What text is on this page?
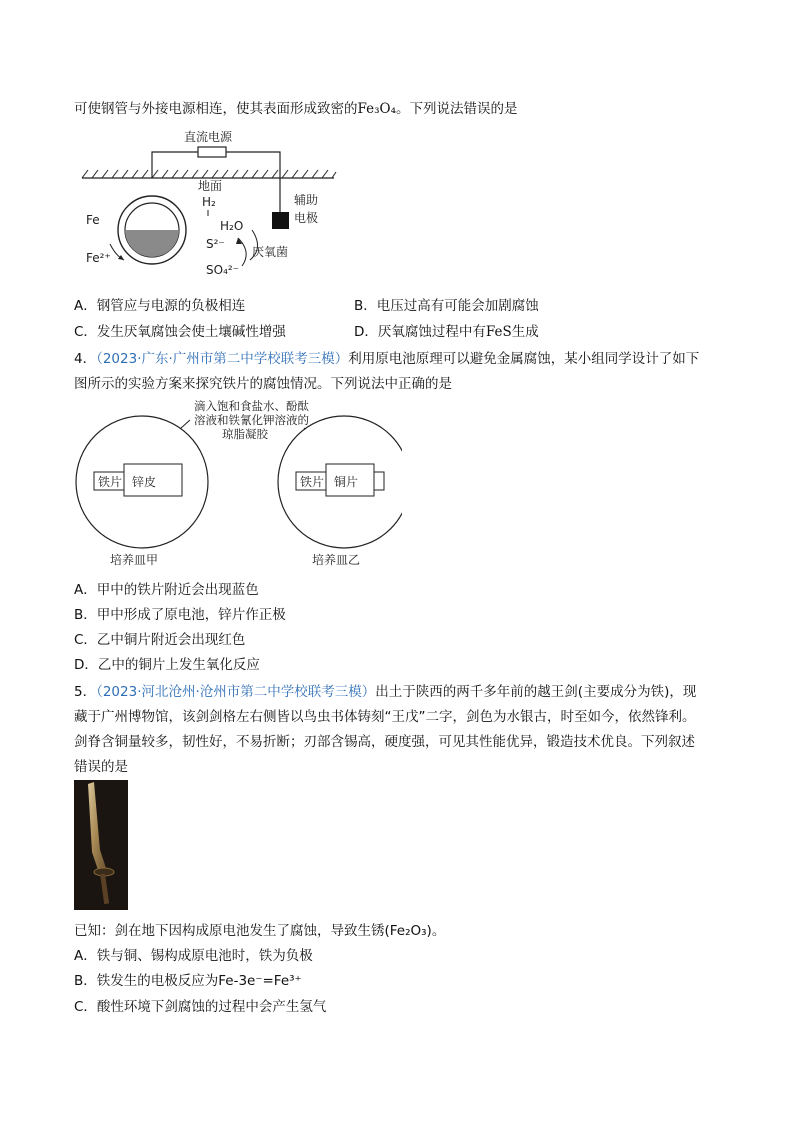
可使钢管与外接电源相连，使其表面形成致密的Fe₃O₄。下列说法错误的是
直流电源
地面
Fe
Fe²⁺
辅助
电极
H₂
H₂O
S²⁻
SO₄²⁻
厌氧菌
A．钢管应与电源的负极相连	B．电压过高有可能会加剧腐蚀
C．发生厌氧腐蚀会使土壤碱性增强	D．厌氧腐蚀过程中有FeS生成
4．（2023·广东·广州市第二中学校联考三模）利用原电池原理可以避免金属腐蚀，某小组同学设计了如下
图所示的实验方案来探究铁片的腐蚀情况。下列说法中正确的是
滴入饱和食盐水、酚酞
溶液和铁氰化钾溶液的
琼脂凝胶
铁片 锌皮
培养皿甲
铁片 铜片
培养皿乙
A．甲中的铁片附近会出现蓝色
B．甲中形成了原电池，锌片作正极
C．乙中铜片附近会出现红色
D．乙中的铜片上发生氧化反应
5．（2023·河北沧州·沧州市第二中学校联考三模）出土于陕西的两千多年前的越王剑(主要成分为铁)，现
藏于广州博物馆，该剑剑格左右侧皆以鸟虫书体铸刻“王戊”二字，剑色为水银古，时至如今，依然锋利。
剑脊含铜量较多，韧性好，不易折断；刃部含锡高，硬度强，可见其性能优异，锻造技术优良。下列叙述
错误的是
已知：剑在地下因构成原电池发生了腐蚀，导致生锈(Fe₂O₃)。
A．铁与铜、锡构成原电池时，铁为负极
B．铁发生的电极反应为Fe-3e⁻=Fe³⁺
C．酸性环境下剑腐蚀的过程中会产生氢气
